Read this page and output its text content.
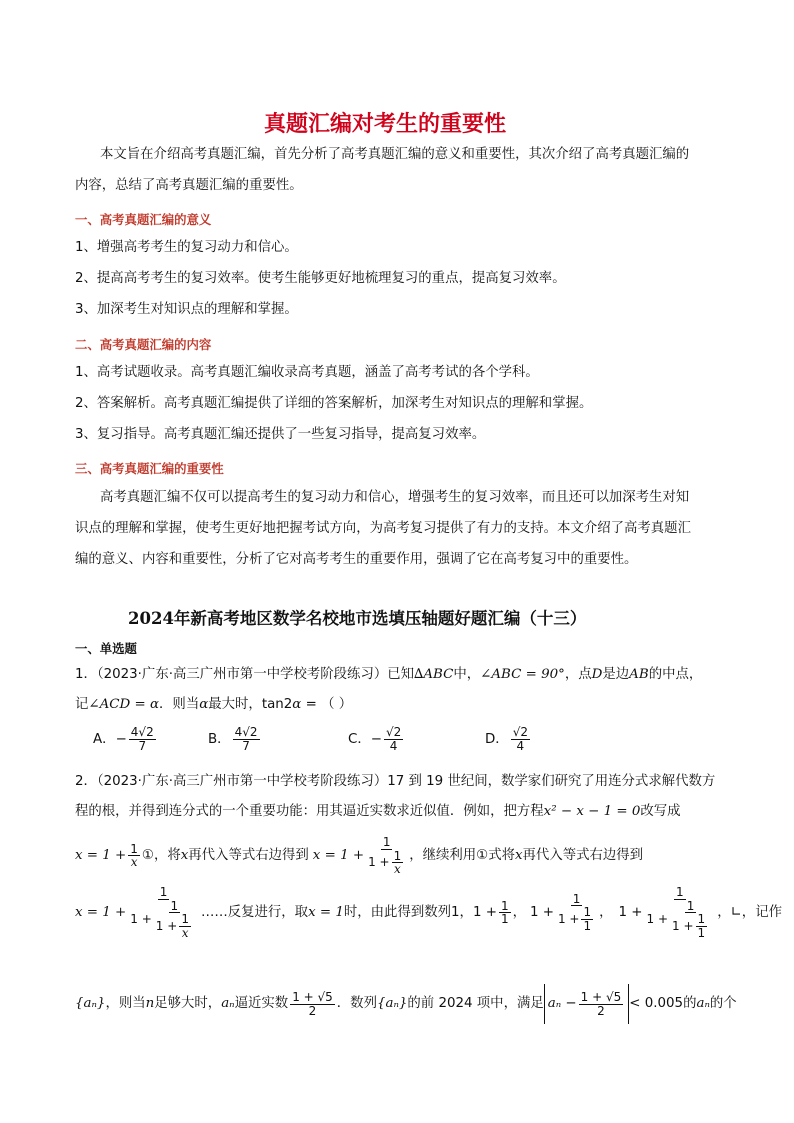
真题汇编对考生的重要性
本文旨在介绍高考真题汇编，首先分析了高考真题汇编的意义和重要性，其次介绍了高考真题汇编的
内容，总结了高考真题汇编的重要性。
一、高考真题汇编的意义
1、增强高考考生的复习动力和信心。
2、提高高考考生的复习效率。使考生能够更好地梳理复习的重点，提高复习效率。
3、加深考生对知识点的理解和掌握。
二、高考真题汇编的内容
1、高考试题收录。高考真题汇编收录高考真题，涵盖了高考考试的各个学科。
2、答案解析。高考真题汇编提供了详细的答案解析，加深考生对知识点的理解和掌握。
3、复习指导。高考真题汇编还提供了一些复习指导，提高复习效率。
三、高考真题汇编的重要性
高考真题汇编不仅可以提高考生的复习动力和信心，增强考生的复习效率，而且还可以加深考生对知
识点的理解和掌握，使考生更好地把握考试方向，为高考复习提供了有力的支持。本文介绍了高考真题汇
编的意义、内容和重要性，分析了它对高考考生的重要作用，强调了它在高考复习中的重要性。
2024年新高考地区数学名校地市选填压轴题好题汇编（十三）
一、单选题
1．（2023·广东·高三广州市第一中学校考阶段练习）已知∆ABC中，∠ABC = 90°，点D是边AB的中点，
记∠ACD = α．则当α最大时，tan2α = （ ）
A．− $\frac{4√2}{7}$	B． $\frac{4√2}{7}$	C．− $\frac{√2}{4}$	D． $\frac{√2}{4}$
2．（2023·广东·高三广州市第一中学校考阶段练习）17 到 19 世纪间，数学家们研究了用连分式求解代数方
程的根，并得到连分式的一个重要功能：用其逼近实数求近似值．例如，把方程x² − x − 1 = 0改写成
$x = 1 + \frac{1}{x}$ ① ，将 x 再代入等式右边得到 $x = 1 + \frac{1}{1 + \frac{1}{x}}$ ，继续利用①式将 x 再代入等式右边得到
$x = 1 + \frac{1}{1 + \frac{1}{1 + \frac{1}{x}}}$ ……反复进行，取 x = 1 时，由此得到数列 1 ， $1 + \frac{1}{1}$ ， $1 + \frac{1}{1 + \frac{1}{1}}$ ， $1 + \frac{1}{1 + \frac{1}{1 + \frac{1}{1}}}$ ，∟，记作
{aₙ} ，则当 n 足够大时， aₙ 逼近实数 $\frac{1 + √5}{2}$ ．数列 {aₙ} 的前 2024 项中，满足 $a_n - \frac{1 + √5}{2} < 0.005$ 的 aₙ 的个
